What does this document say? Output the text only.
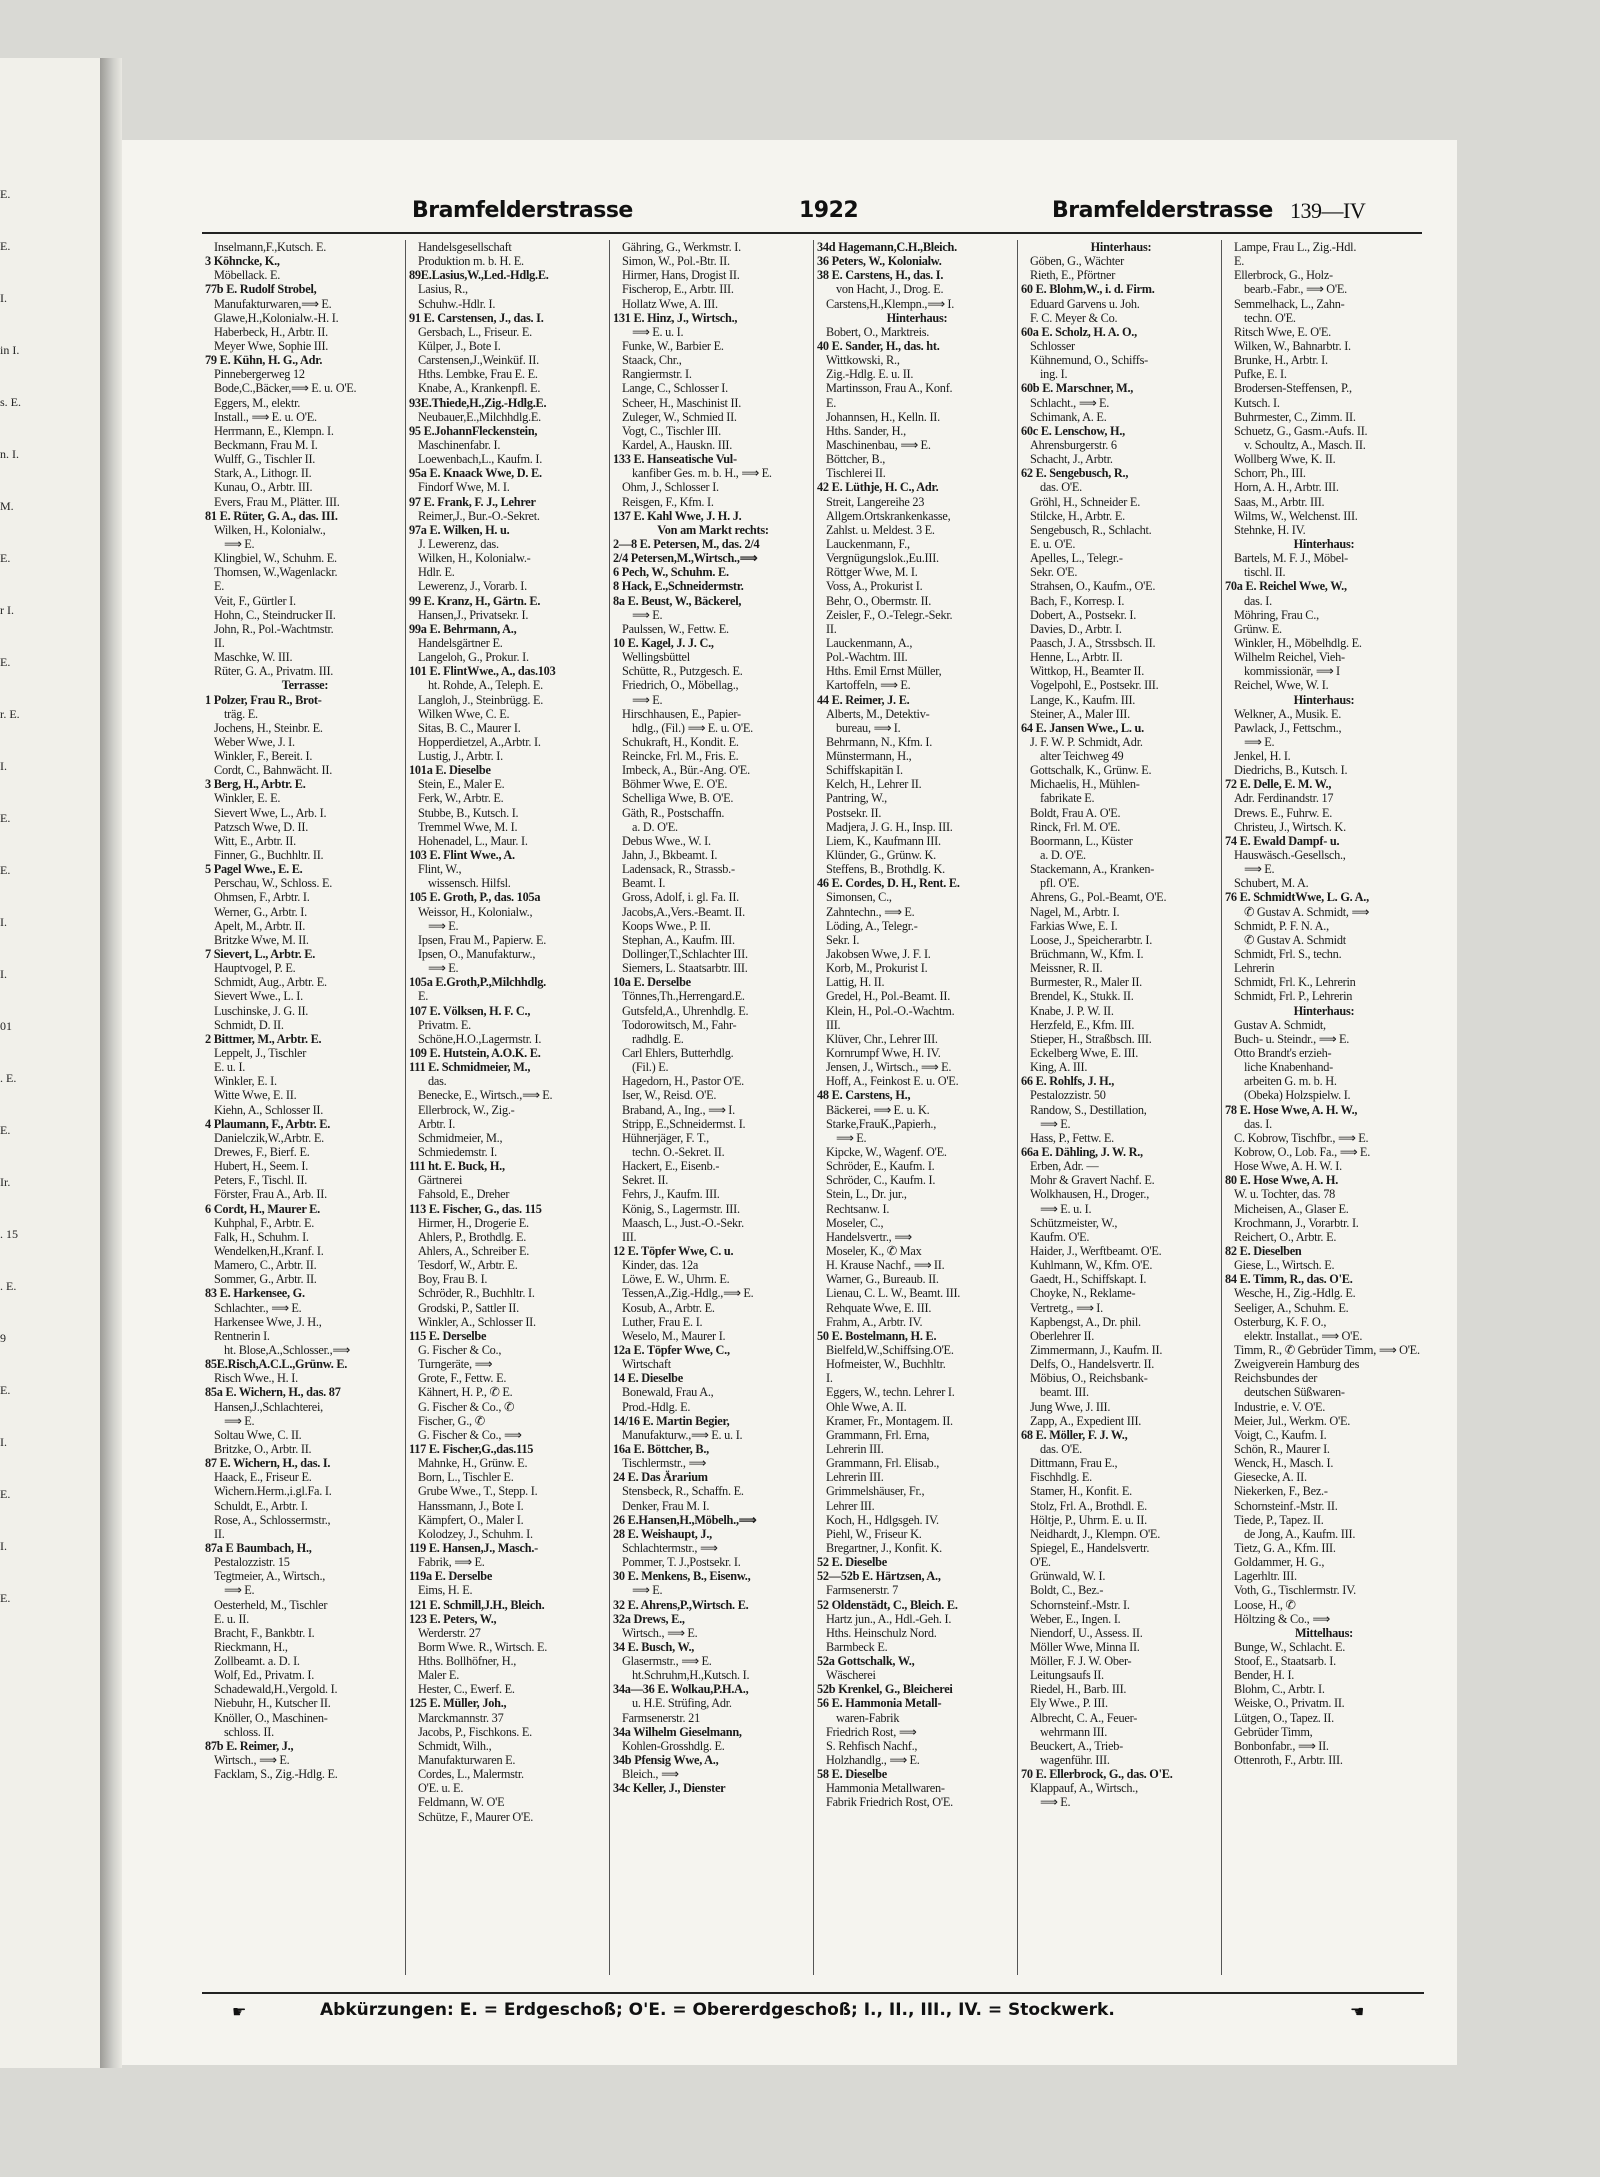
E.
E.
I.
in I.
s. E.
n. I.
M.
E.
r I.
E.
r. E.
I.
E.
E.
I.
I.
01
. E.
E.
Ir.
. 15
. E.
9
E.
I.
E.
I.
E.
Bramfelderstrasse	1922	Bramfelderstrasse 139—IV
Inselmann,F.,Kutsch. E.
3 Köhncke, K.,
Möbellack. E.
77b E. Rudolf Strobel,
Manufakturwaren,⟹ E.
Glawe,H.,Kolonialw.-H. I.
Haberbeck, H., Arbtr. II.
Meyer Wwe, Sophie III.
79 E. Kühn, H. G., Adr.
Pinnebergerweg 12
Bode,C.,Bäcker,⟹ E. u. O'E.
Eggers, M., elektr.
Install., ⟹ E. u. O'E.
Herrmann, E., Klempn. I.
Beckmann, Frau M. I.
Wulff, G., Tischler II.
Stark, A., Lithogr. II.
Kunau, O., Arbtr. III.
Evers, Frau M., Plätter. III.
81 E. Rüter, G. A., das. III.
Wilken, H., Kolonialw.,
⟹ E.
Klingbiel, W., Schuhm. E.
Thomsen, W.,Wagenlackr.
E.
Veit, F., Gürtler I.
Hohn, C., Steindrucker II.
John, R., Pol.-Wachtmstr.
II.
Maschke, W. III.
Rüter, G. A., Privatm. III.
Terrasse:
1 Polzer, Frau R., Brot-
träg. E.
Jochens, H., Steinbr. E.
Weber Wwe, J. I.
Winkler, F., Bereit. I.
Cordt, C., Bahnwächt. II.
3 Berg, H., Arbtr. E.
Winkler, E. E.
Sievert Wwe, L., Arb. I.
Patzsch Wwe, D. II.
Witt, E., Arbtr. II.
Finner, G., Buchhltr. II.
5 Pagel Wwe., E. E.
Perschau, W., Schloss. E.
Ohmsen, F., Arbtr. I.
Werner, G., Arbtr. I.
Apelt, M., Arbtr. II.
Britzke Wwe, M. II.
7 Sievert, L., Arbtr. E.
Hauptvogel, P. E.
Schmidt, Aug., Arbtr. E.
Sievert Wwe., L. I.
Luschinske, J. G. II.
Schmidt, D. II.
2 Bittmer, M., Arbtr. E.
Leppelt, J., Tischler
E. u. I.
Winkler, E. I.
Witte Wwe, E. II.
Kiehn, A., Schlosser II.
4 Plaumann, F., Arbtr. E.
Danielczik,W.,Arbtr. E.
Drewes, F., Bierf. E.
Hubert, H., Seem. I.
Peters, F., Tischl. II.
Förster, Frau A., Arb. II.
6 Cordt, H., Maurer E.
Kuhphal, F., Arbtr. E.
Falk, H., Schuhm. I.
Wendelken,H.,Kranf. I.
Mamero, C., Arbtr. II.
Sommer, G., Arbtr. II.
83 E. Harkensee, G.
Schlachter., ⟹ E.
Harkensee Wwe, J. H.,
Rentnerin I.
ht. Blose,A.,Schlosser.,⟹
85E.Risch,A.C.L.,Grünw. E.
Risch Wwe., H. I.
85a E. Wichern, H., das. 87
Hansen,J.,Schlachterei,
⟹ E.
Soltau Wwe, C. II.
Britzke, O., Arbtr. II.
87 E. Wichern, H., das. I.
Haack, E., Friseur E.
Wichern.Herm.,i.gl.Fa. I.
Schuldt, E., Arbtr. I.
Rose, A., Schlossermstr.,
II.
87a E Baumbach, H.,
Pestalozzistr. 15
Tegtmeier, A., Wirtsch.,
⟹ E.
Oesterheld, M., Tischler
E. u. II.
Bracht, F., Bankbtr. I.
Rieckmann, H.,
Zollbeamt. a. D. I.
Wolf, Ed., Privatm. I.
Schadewald,H.,Vergold. I.
Niebuhr, H., Kutscher II.
Knöller, O., Maschinen-
schloss. II.
87b E. Reimer, J.,
Wirtsch., ⟹ E.
Facklam, S., Zig.-Hdlg. E.
Handelsgesellschaft
Produktion m. b. H. E.
89E.Lasius,W.,Led.-Hdlg.E.
Lasius, R.,
Schuhw.-Hdlr. I.
91 E. Carstensen, J., das. I.
Gersbach, L., Friseur. E.
Külper, J., Bote I.
Carstensen,J.,Weinküf. II.
Hths. Lembke, Frau E. E.
Knabe, A., Krankenpfl. E.
93E.Thiede,H.,Zig.-Hdlg.E.
Neubauer,E.,Milchhdlg.E.
95 E.JohannFleckenstein,
Maschinenfabr. I.
Loewenbach,L., Kaufm. I.
95a E. Knaack Wwe, D. E.
Findorf Wwe, M. I.
97 E. Frank, F. J., Lehrer
Reimer,J., Bur.-O.-Sekret.
97a E. Wilken, H. u.
J. Lewerenz, das.
Wilken, H., Kolonialw.-
Hdlr. E.
Lewerenz, J., Vorarb. I.
99 E. Kranz, H., Gärtn. E.
Hansen,J., Privatsekr. I.
99a E. Behrmann, A.,
Handelsgärtner E.
Langeloh, G., Prokur. I.
101 E. FlintWwe., A., das.103
ht. Rohde, A., Teleph. E.
Langloh, J., Steinbrügg. E.
Wilken Wwe, C. E.
Sitas, B. C., Maurer I.
Hopperdietzel, A.,Arbtr. I.
Lustig, J., Arbtr. I.
101a E. Dieselbe
Stein, E., Maler E.
Ferk, W., Arbtr. E.
Stubbe, B., Kutsch. I.
Tremmel Wwe, M. I.
Hohenadel, L., Maur. I.
103 E. Flint Wwe., A.
Flint, W.,
wissensch. Hilfsl.
105 E. Groth, P., das. 105a
Weissor, H., Kolonialw.,
⟹ E.
Ipsen, Frau M., Papierw. E.
Ipsen, O., Manufakturw.,
⟹ E.
105a E.Groth,P.,Milchhdlg.
E.
107 E. Völksen, H. F. C.,
Privatm. E.
Schöne,H.O.,Lagermstr. I.
109 E. Hutstein, A.O.K. E.
111 E. Schmidmeier, M.,
das.
Benecke, E., Wirtsch.,⟹ E.
Ellerbrock, W., Zig.-
Arbtr. I.
Schmidmeier, M.,
Schmiedemstr. I.
111 ht. E. Buck, H.,
Gärtnerei
Fahsold, E., Dreher
113 E. Fischer, G., das. 115
Hirmer, H., Drogerie E.
Ahlers, P., Brothdlg. E.
Ahlers, A., Schreiber E.
Tesdorf, W., Arbtr. E.
Boy, Frau B. I.
Schröder, R., Buchhltr. I.
Grodski, P., Sattler II.
Winkler, A., Schlosser II.
115 E. Derselbe
G. Fischer & Co.,
Turngeräte, ⟹
Grote, F., Fettw. E.
Kähnert, H. P., ✆ E.
G. Fischer & Co., ✆
Fischer, G., ✆
G. Fischer & Co., ⟹
117 E. Fischer,G.,das.115
Mahnke, H., Grünw. E.
Born, L., Tischler E.
Grube Wwe., T., Stepp. I.
Hanssmann, J., Bote I.
Kämpfert, O., Maler I.
Kolodzey, J., Schuhm. I.
119 E. Hansen,J., Masch.-
Fabrik, ⟹ E.
119a E. Derselbe
Eims, H. E.
121 E. Schmill,J.H., Bleich.
123 E. Peters, W.,
Werderstr. 27
Borm Wwe. R., Wirtsch. E.
Hths. Bollhöfner, H.,
Maler E.
Hester, C., Ewerf. E.
125 E. Müller, Joh.,
Marckmannstr. 37
Jacobs, P., Fischkons. E.
Schmidt, Wilh.,
Manufakturwaren E.
Cordes, L., Malermstr.
O'E. u. E.
Feldmann, W. O'E
Schütze, F., Maurer O'E.
Gähring, G., Werkmstr. I.
Simon, W., Pol.-Btr. II.
Hirmer, Hans, Drogist II.
Fischerop, E., Arbtr. III.
Hollatz Wwe, A. III.
131 E. Hinz, J., Wirtsch.,
⟹ E. u. I.
Funke, W., Barbier E.
Staack, Chr.,
Rangiermstr. I.
Lange, C., Schlosser I.
Scheer, H., Maschinist II.
Zuleger, W., Schmied II.
Vogt, C., Tischler III.
Kardel, A., Hauskn. III.
133 E. Hanseatische Vul-
kanfiber Ges. m. b. H., ⟹ E.
Ohm, J., Schlosser I.
Reisgen, F., Kfm. I.
137 E. Kahl Wwe, J. H. J.
Von am Markt rechts:
2—8 E. Petersen, M., das. 2/4
2/4 Petersen,M.,Wirtsch.,⟹
6 Pech, W., Schuhm. E.
8 Hack, E.,Schneidermstr.
8a E. Beust, W., Bäckerel,
⟹ E.
Paulssen, W., Fettw. E.
10 E. Kagel, J. J. C.,
Wellingsbüttel
Schütte, R., Putzgesch. E.
Friedrich, O., Möbellag.,
⟹ E.
Hirschhausen, E., Papier-
hdlg., (Fil.) ⟹ E. u. O'E.
Schukraft, H., Kondit. E.
Reincke, Frl. M., Fris. E.
Imbeck, A., Bür.-Ang. O'E.
Böhmer Wwe, E. O'E.
Schelliga Wwe, B. O'E.
Gäth, R., Postschaffn.
a. D. O'E.
Debus Wwe., W. I.
Jahn, J., Bkbeamt. I.
Ladensack, R., Strassb.-
Beamt. I.
Gross, Adolf, i. gl. Fa. II.
Jacobs,A.,Vers.-Beamt. II.
Koops Wwe., P. II.
Stephan, A., Kaufm. III.
Dollinger,T.,Schlachter III.
Siemers, L. Staatsarbtr. III.
10a E. Derselbe
Tönnes,Th.,Herrengard.E.
Gutsfeld,A., Uhrenhdlg. E.
Todorowitsch, M., Fahr-
radhdlg. E.
Carl Ehlers, Butterhdlg.
(Fil.) E.
Hagedorn, H., Pastor O'E.
Iser, W., Reisd. O'E.
Braband, A., Ing., ⟹ I.
Stripp, E.,Schneidermst. I.
Hühnerjäger, F. T.,
techn. O.-Sekret. II.
Hackert, E., Eisenb.-
Sekret. II.
Fehrs, J., Kaufm. III.
König, S., Lagermstr. III.
Maasch, L., Just.-O.-Sekr.
III.
12 E. Töpfer Wwe, C. u.
Kinder, das. 12a
Löwe, E. W., Uhrm. E.
Tessen,A.,Zig.-Hdlg.,⟹ E.
Kosub, A., Arbtr. E.
Luther, Frau E. I.
Weselo, M., Maurer I.
12a E. Töpfer Wwe, C.,
Wirtschaft
14 E. Dieselbe
Bonewald, Frau A.,
Prod.-Hdlg. E.
14/16 E. Martin Begier,
Manufakturw.,⟹ E. u. I.
16a E. Böttcher, B.,
Tischlermstr., ⟹
24 E. Das Ärarium
Stensbeck, R., Schaffn. E.
Denker, Frau M. I.
26 E.Hansen,H.,Möbelh.,⟹
28 E. Weishaupt, J.,
Schlachtermstr., ⟹
Pommer, T. J.,Postsekr. I.
30 E. Menkens, B., Eisenw.,
⟹ E.
32 E. Ahrens,P.,Wirtsch. E.
32a Drews, E.,
Wirtsch., ⟹ E.
34 E. Busch, W.,
Glasermstr., ⟹ E.
ht.Schruhm,H.,Kutsch. I.
34a—36 E. Wolkau,P.H.A.,
u. H.E. Strüfing, Adr.
Farmsenerstr. 21
34a Wilhelm Gieselmann,
Kohlen-Grosshdlg. E.
34b Pfensig Wwe, A.,
Bleich., ⟹
34c Keller, J., Dienster
34d Hagemann,C.H.,Bleich.
36 Peters, W., Kolonialw.
38 E. Carstens, H., das. I.
von Hacht, J., Drog. E.
Carstens,H.,Klempn.,⟹ I.
Hinterhaus:
Bobert, O., Marktreis.
40 E. Sander, H., das. ht.
Wittkowski, R.,
Zig.-Hdlg. E. u. II.
Martinsson, Frau A., Konf.
E.
Johannsen, H., Kelln. II.
Hths. Sander, H.,
Maschinenbau, ⟹ E.
Böttcher, B.,
Tischlerei II.
42 E. Lüthje, H. C., Adr.
Streit, Langereihe 23
Allgem.Ortskrankenkasse,
Zahlst. u. Meldest. 3 E.
Lauckenmann, F.,
Vergnügungslok.,Eu.III.
Röttger Wwe, M. I.
Voss, A., Prokurist I.
Behr, O., Obermstr. II.
Zeisler, F., O.-Telegr.-Sekr.
II.
Lauckenmann, A.,
Pol.-Wachtm. III.
Hths. Emil Ernst Müller,
Kartoffeln, ⟹ E.
44 E. Reimer, J. E.
Alberts, M., Detektiv-
bureau, ⟹ I.
Behrmann, N., Kfm. I.
Münstermann, H.,
Schiffskapitän I.
Kelch, H., Lehrer II.
Pantring, W.,
Postsekr. II.
Madjera, J. G. H., Insp. III.
Liem, K., Kaufmann III.
Klünder, G., Grünw. K.
Steffens, B., Brothdlg. K.
46 E. Cordes, D. H., Rent. E.
Simonsen, C.,
Zahntechn., ⟹ E.
Löding, A., Telegr.-
Sekr. I.
Jakobsen Wwe, J. F. I.
Korb, M., Prokurist I.
Lattig, H. II.
Gredel, H., Pol.-Beamt. II.
Klein, H., Pol.-O.-Wachtm.
III.
Klüver, Chr., Lehrer III.
Kornrumpf Wwe, H. IV.
Jensen, J., Wirtsch., ⟹ E.
Hoff, A., Feinkost E. u. O'E.
48 E. Carstens, H.,
Bäckerei, ⟹ E. u. K.
Starke,FrauK.,Papierh.,
⟹ E.
Kipcke, W., Wagenf. O'E.
Schröder, E., Kaufm. I.
Schröder, C., Kaufm. I.
Stein, L., Dr. jur.,
Rechtsanw. I.
Moseler, C.,
Handelsvertr., ⟹
Moseler, K., ✆ Max
H. Krause Nachf., ⟹ II.
Warner, G., Bureaub. II.
Lienau, C. L. W., Beamt. III.
Rehquate Wwe, E. III.
Frahm, A., Arbtr. IV.
50 E. Bostelmann, H. E.
Bielfeld,W.,Schiffsing.O'E.
Hofmeister, W., Buchhltr.
I.
Eggers, W., techn. Lehrer I.
Ohle Wwe, A. II.
Kramer, Fr., Montagem. II.
Grammann, Frl. Erna,
Lehrerin III.
Grammann, Frl. Elisab.,
Lehrerin III.
Grimmelshäuser, Fr.,
Lehrer III.
Koch, H., Hdlgsgeh. IV.
Piehl, W., Friseur K.
Bregartner, J., Konfit. K.
52 E. Dieselbe
52—52b E. Härtzsen, A.,
Farmsenerstr. 7
52 Oldenstädt, C., Bleich. E.
Hartz jun., A., Hdl.-Geh. I.
Hths. Heinschulz Nord.
Barmbeck E.
52a Gottschalk, W.,
Wäscherei
52b Krenkel, G., Bleicherei
56 E. Hammonia Metall-
waren-Fabrik
Friedrich Rost, ⟹
S. Rehfisch Nachf.,
Holzhandlg., ⟹ E.
58 E. Dieselbe
Hammonia Metallwaren-
Fabrik Friedrich Rost, O'E.
Hinterhaus:
Göben, G., Wächter
Rieth, E., Pförtner
60 E. Blohm,W., i. d. Firm.
Eduard Garvens u. Joh.
F. C. Meyer & Co.
60a E. Scholz, H. A. O.,
Schlosser
Kühnemund, O., Schiffs-
ing. I.
60b E. Marschner, M.,
Schlacht., ⟹ E.
Schimank, A. E.
60c E. Lenschow, H.,
Ahrensburgerstr. 6
Schacht, J., Arbtr.
62 E. Sengebusch, R.,
das. O'E.
Gröhl, H., Schneider E.
Stilcke, H., Arbtr. E.
Sengebusch, R., Schlacht.
E. u. O'E.
Apelles, L., Telegr.-
Sekr. O'E.
Strahsen, O., Kaufm., O'E.
Bach, F., Korresp. I.
Dobert, A., Postsekr. I.
Davies, D., Arbtr. I.
Paasch, J. A., Strssbsch. II.
Henne, L., Arbtr. II.
Wittkop, H., Beamter II.
Vogelpohl, E., Postsekr. III.
Lange, K., Kaufm. III.
Steiner, A., Maler III.
64 E. Jansen Wwe., L. u.
J. F. W. P. Schmidt, Adr.
alter Teichweg 49
Gottschalk, K., Grünw. E.
Michaelis, H., Mühlen-
fabrikate E.
Boldt, Frau A. O'E.
Rinck, Frl. M. O'E.
Boormann, L., Küster
a. D. O'E.
Stackemann, A., Kranken-
pfl. O'E.
Ahrens, G., Pol.-Beamt, O'E.
Nagel, M., Arbtr. I.
Farkias Wwe, E. I.
Loose, J., Speicherarbtr. I.
Brüchmann, W., Kfm. I.
Meissner, R. II.
Burmester, R., Maler II.
Brendel, K., Stukk. II.
Knabe, J. P. W. II.
Herzfeld, E., Kfm. III.
Stieper, H., Straßbsch. III.
Eckelberg Wwe, E. III.
King, A. III.
66 E. Rohlfs, J. H.,
Pestalozzistr. 50
Randow, S., Destillation,
⟹ E.
Hass, P., Fettw. E.
66a E. Dähling, J. W. R.,
Erben, Adr. —
Mohr & Gravert Nachf. E.
Wolkhausen, H., Droger.,
⟹ E. u. I.
Schützmeister, W.,
Kaufm. O'E.
Haider, J., Werftbeamt. O'E.
Kuhlmann, W., Kfm. O'E.
Gaedt, H., Schiffskapt. I.
Choyke, N., Reklame-
Vertretg., ⟹ I.
Kapbengst, A., Dr. phil.
Oberlehrer II.
Zimmermann, J., Kaufm. II.
Delfs, O., Handelsvertr. II.
Möbius, O., Reichsbank-
beamt. III.
Jung Wwe, J. III.
Zapp, A., Expedient III.
68 E. Möller, F. J. W.,
das. O'E.
Dittmann, Frau E.,
Fischhdlg. E.
Stamer, H., Konfit. E.
Stolz, Frl. A., Brothdl. E.
Höltje, P., Uhrm. E. u. II.
Neidhardt, J., Klempn. O'E.
Spiegel, E., Handelsvertr.
O'E.
Grünwald, W. I.
Boldt, C., Bez.-
Schornsteinf.-Mstr. I.
Weber, E., Ingen. I.
Niendorf, U., Assess. II.
Möller Wwe, Minna II.
Möller, F. J. W. Ober-
Leitungsaufs II.
Riedel, H., Barb. III.
Ely Wwe., P. III.
Albrecht, C. A., Feuer-
wehrmann III.
Beuckert, A., Trieb-
wagenführ. III.
70 E. Ellerbrock, G., das. O'E.
Klappauf, A., Wirtsch.,
⟹ E.
Lampe, Frau L., Zig.-Hdl.
E.
Ellerbrock, G., Holz-
bearb.-Fabr., ⟹ O'E.
Semmelhack, L., Zahn-
techn. O'E.
Ritsch Wwe, E. O'E.
Wilken, W., Bahnarbtr. I.
Brunke, H., Arbtr. I.
Pufke, E. I.
Brodersen-Steffensen, P.,
Kutsch. I.
Buhrmester, C., Zimm. II.
Schuetz, G., Gasm.-Aufs. II.
v. Schoultz, A., Masch. II.
Wollberg Wwe, K. II.
Schorr, Ph., III.
Horn, A. H., Arbtr. III.
Saas, M., Arbtr. III.
Wilms, W., Welchenst. III.
Stehnke, H. IV.
Hinterhaus:
Bartels, M. F. J., Möbel-
tischl. II.
70a E. Reichel Wwe, W.,
das. I.
Möhring, Frau C.,
Grünw. E.
Winkler, H., Möbelhdlg. E.
Wilhelm Reichel, Vieh-
kommissionär, ⟹ I
Reichel, Wwe, W. I.
Hinterhaus:
Welkner, A., Musik. E.
Pawlack, J., Fettschm.,
⟹ E.
Jenkel, H. I.
Diedrichs, B., Kutsch. I.
72 E. Delle, E. M. W.,
Adr. Ferdinandstr. 17
Drews. E., Fuhrw. E.
Christeu, J., Wirtsch. K.
74 E. Ewald Dampf- u.
Hauswäsch.-Gesellsch.,
⟹ E.
Schubert, M. A.
76 E. SchmidtWwe, L. G. A.,
✆ Gustav A. Schmidt, ⟹
Schmidt, P. F. N. A.,
✆ Gustav A. Schmidt
Schmidt, Frl. S., techn.
Lehrerin
Schmidt, Frl. K., Lehrerin
Schmidt, Frl. P., Lehrerin
Hinterhaus:
Gustav A. Schmidt,
Buch- u. Steindr., ⟹ E.
Otto Brandt's erzieh-
liche Knabenhand-
arbeiten G. m. b. H.
(Obeka) Holzspielw. I.
78 E. Hose Wwe, A. H. W.,
das. I.
C. Kobrow, Tischfbr., ⟹ E.
Kobrow, O., Lob. Fa., ⟹ E.
Hose Wwe, A. H. W. I.
80 E. Hose Wwe, A. H.
W. u. Tochter, das. 78
Micheisen, A., Glaser E.
Krochmann, J., Vorarbtr. I.
Reichert, O., Arbtr. E.
82 E. Dieselben
Giese, L., Wirtsch. E.
84 E. Timm, R., das. O'E.
Wesche, H., Zig.-Hdlg. E.
Seeliger, A., Schuhm. E.
Osterburg, K. F. O.,
elektr. Installat., ⟹ O'E.
Timm, R., ✆ Gebrüder Timm, ⟹ O'E.
Zweigverein Hamburg des
Reichsbundes der
deutschen Süßwaren-
Industrie, e. V. O'E.
Meier, Jul., Werkm. O'E.
Voigt, C., Kaufm. I.
Schön, R., Maurer I.
Wenck, H., Masch. I.
Giesecke, A. II.
Niekerken, F., Bez.-
Schornsteinf.-Mstr. II.
Tiede, P., Tapez. II.
de Jong, A., Kaufm. III.
Tietz, G. A., Kfm. III.
Goldammer, H. G.,
Lagerhltr. III.
Voth, G., Tischlermstr. IV.
Loose, H., ✆
Höltzing & Co., ⟹
Mittelhaus:
Bunge, W., Schlacht. E.
Stoof, E., Staatsarb. I.
Bender, H. I.
Blohm, C., Arbtr. I.
Weiske, O., Privatm. II.
Lütgen, O., Tapez. II.
Gebrüder Timm,
Bonbonfabr., ⟹ II.
Ottenroth, F., Arbtr. III.
☛	Abkürzungen: E. = Erdgeschoß; O'E. = Obererdgeschoß; I., II., III., IV. = Stockwerk.	☚
